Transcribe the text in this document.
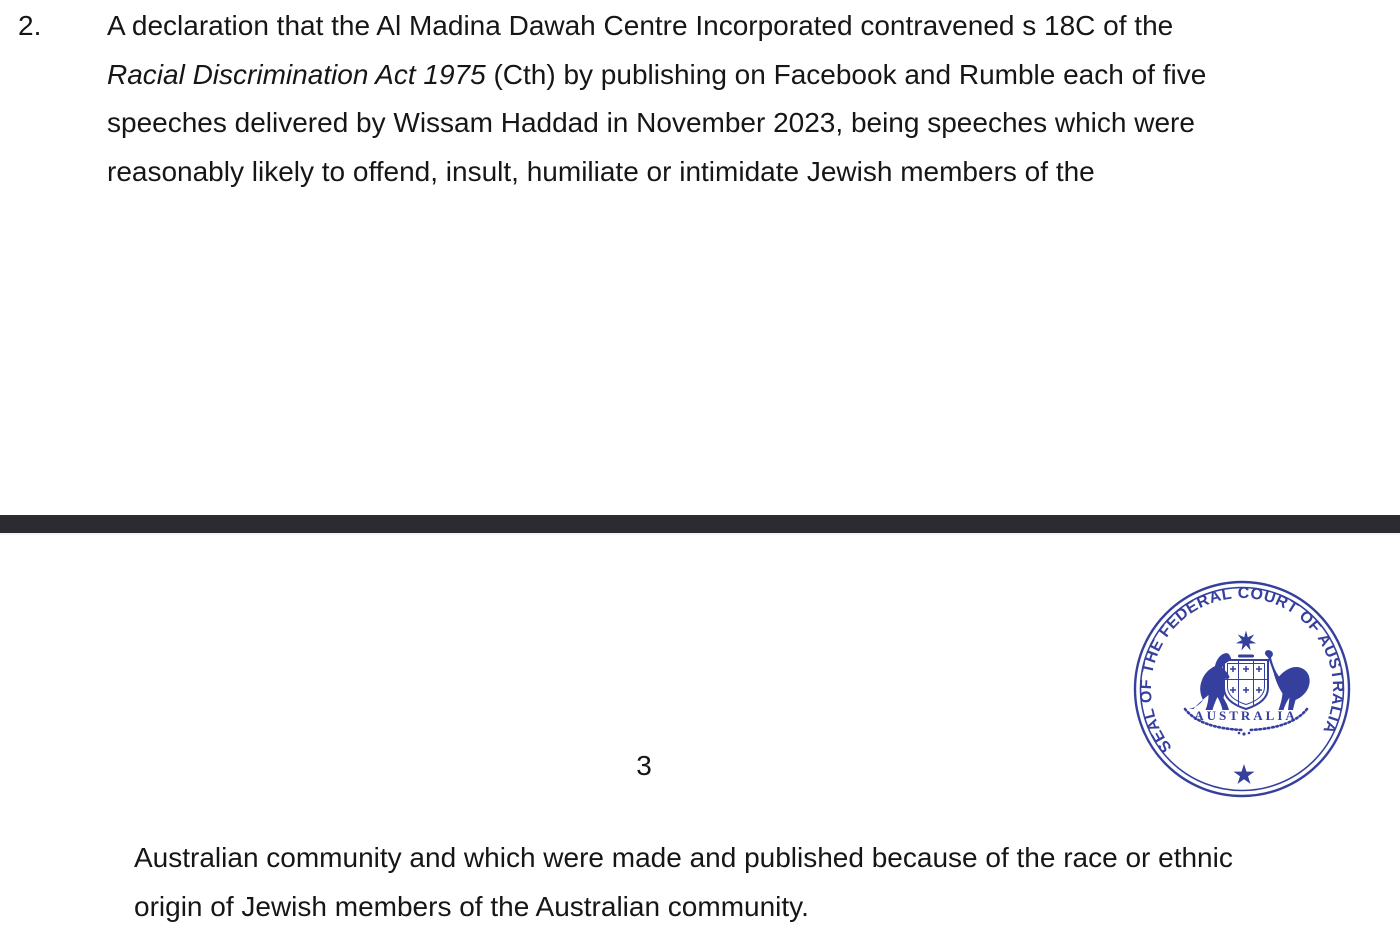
2. A declaration that the Al Madina Dawah Centre Incorporated contravened s 18C of the
Racial Discrimination Act 1975 (Cth) by publishing on Facebook and Rumble each of five
speeches delivered by Wissam Haddad in November 2023, being speeches which were
reasonably likely to offend, insult, humiliate or intimidate Jewish members of the
SEAL OF THE FEDERAL COURT OF AUSTRALIA
AUSTRALIA
3
Australian community and which were made and published because of the race or ethnic
origin of Jewish members of the Australian community.
